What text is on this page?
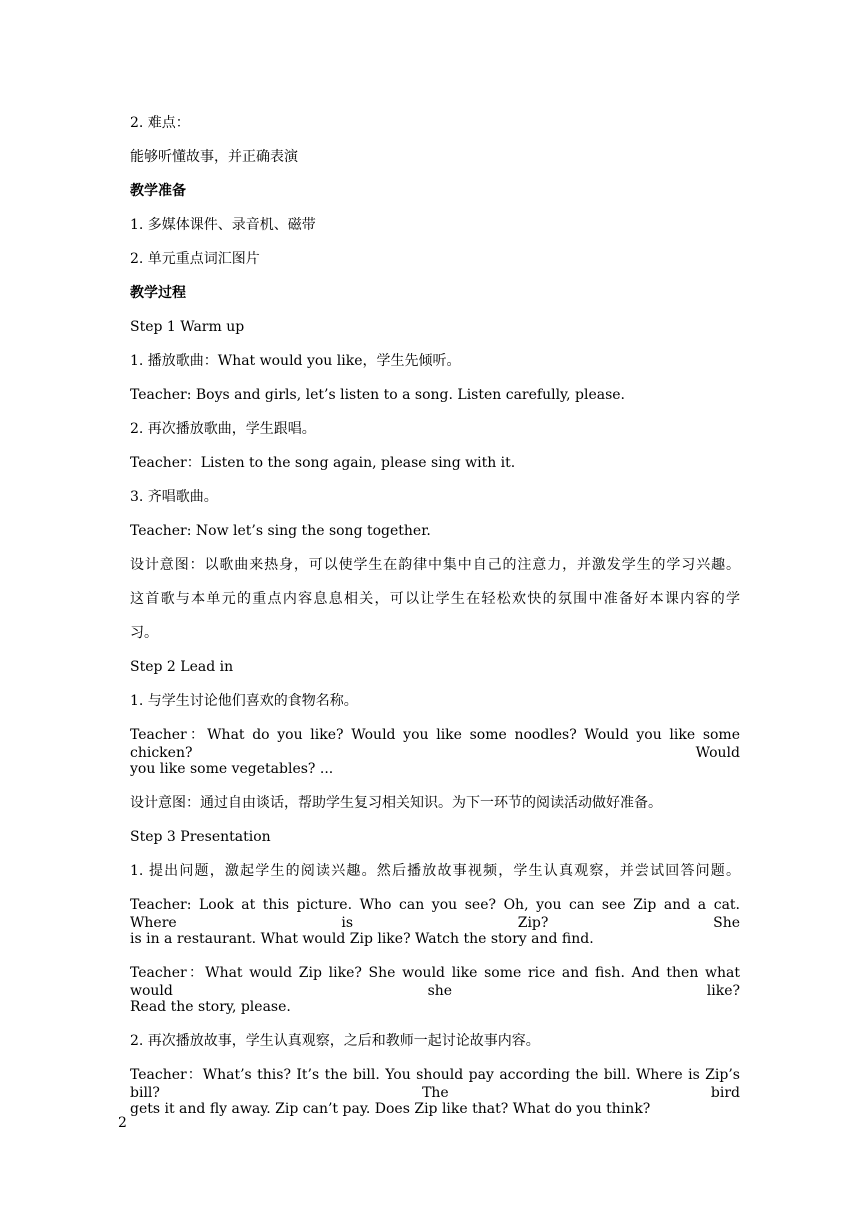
2. 难点：
能够听懂故事，并正确表演
教学准备
1. 多媒体课件、录音机、磁带
2. 单元重点词汇图片
教学过程
Step 1 Warm up
1. 播放歌曲：What would you like，学生先倾听。
Teacher: Boys and girls, let’s listen to a song. Listen carefully, please.
2. 再次播放歌曲，学生跟唱。
Teacher：Listen to the song again, please sing with it.
3. 齐唱歌曲。
Teacher: Now let’s sing the song together.
设计意图：以歌曲来热身，可以使学生在韵律中集中自己的注意力，并激发学生的学习兴趣。
这首歌与本单元的重点内容息息相关，可以让学生在轻松欢快的氛围中准备好本课内容的学
习。
Step 2 Lead in
1. 与学生讨论他们喜欢的食物名称。
Teacher：What do you like? Would you like some noodles? Would you like some chicken? Would
you like some vegetables? ...
设计意图：通过自由谈话，帮助学生复习相关知识。为下一环节的阅读活动做好准备。
Step 3 Presentation
1. 提出问题，激起学生的阅读兴趣。然后播放故事视频，学生认真观察，并尝试回答问题。
Teacher: Look at this picture. Who can you see? Oh, you can see Zip and a cat. Where is Zip? She
is in a restaurant. What would Zip like? Watch the story and find.
Teacher：What would Zip like? She would like some rice and fish. And then what would she like?
Read the story, please.
2. 再次播放故事，学生认真观察，之后和教师一起讨论故事内容。
Teacher：What’s this? It’s the bill. You should pay according the bill. Where is Zip’s bill? The bird
gets it and fly away. Zip can’t pay. Does Zip like that? What do you think?
2
